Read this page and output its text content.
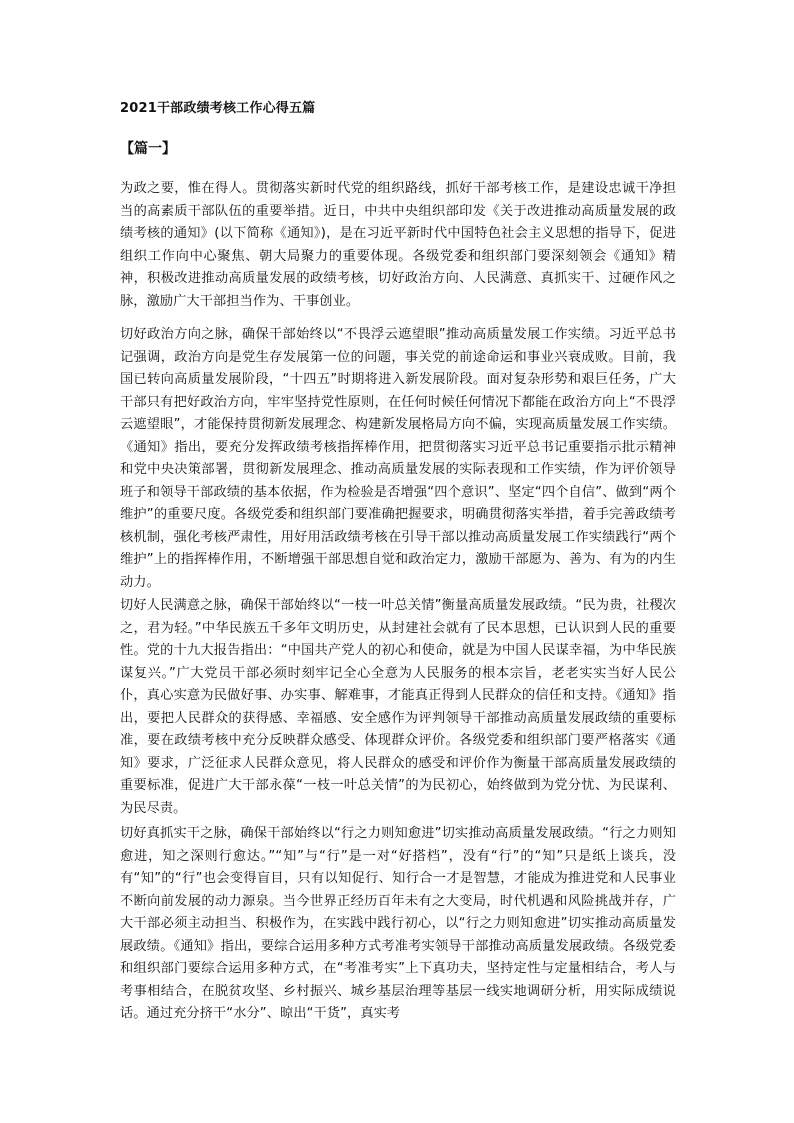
2021干部政绩考核工作心得五篇
【篇一】

为政之要，惟在得人。贯彻落实新时代党的组织路线，抓好干部考核工作，是建设忠诚干净担当的高素质干部队伍的重要举措。近日，中共中央组织部印发《关于改进推动高质量发展的政绩考核的通知》(以下简称《通知》)，是在习近平新时代中国特色社会主义思想的指导下，促进组织工作向中心聚焦、朝大局聚力的重要体现。各级党委和组织部门要深刻领会《通知》精神，积极改进推动高质量发展的政绩考核，切好政治方向、人民满意、真抓实干、过硬作风之脉，激励广大干部担当作为、干事创业。

切好政治方向之脉，确保干部始终以“不畏浮云遮望眼”推动高质量发展工作实绩。习近平总书记强调，政治方向是党生存发展第一位的问题，事关党的前途命运和事业兴衰成败。目前，我国已转向高质量发展阶段，“十四五”时期将进入新发展阶段。面对复杂形势和艰巨任务，广大干部只有把好政治方向，牢牢坚持党性原则，在任何时候任何情况下都能在政治方向上“不畏浮云遮望眼”，才能保持贯彻新发展理念、构建新发展格局方向不偏，实现高质量发展工作实绩。《通知》指出，要充分发挥政绩考核指挥棒作用，把贯彻落实习近平总书记重要指示批示精神和党中央决策部署，贯彻新发展理念、推动高质量发展的实际表现和工作实绩，作为评价领导班子和领导干部政绩的基本依据，作为检验是否增强“四个意识”、坚定“四个自信”、做到“两个维护”的重要尺度。各级党委和组织部门要准确把握要求，明确贯彻落实举措，着手完善政绩考核机制，强化考核严肃性，用好用活政绩考核在引导干部以推动高质量发展工作实绩践行“两个维护”上的指挥棒作用，不断增强干部思想自觉和政治定力，激励干部愿为、善为、有为的内生动力。

切好人民满意之脉，确保干部始终以“一枝一叶总关情”衡量高质量发展政绩。“民为贵，社稷次之，君为轻。”中华民族五千多年文明历史，从封建社会就有了民本思想，已认识到人民的重要性。党的十九大报告指出：“中国共产党人的初心和使命，就是为中国人民谋幸福，为中华民族谋复兴。”广大党员干部必须时刻牢记全心全意为人民服务的根本宗旨，老老实实当好人民公仆，真心实意为民做好事、办实事、解难事，才能真正得到人民群众的信任和支持。《通知》指出，要把人民群众的获得感、幸福感、安全感作为评判领导干部推动高质量发展政绩的重要标准，要在政绩考核中充分反映群众感受、体现群众评价。各级党委和组织部门要严格落实《通知》要求，广泛征求人民群众意见，将人民群众的感受和评价作为衡量干部高质量发展政绩的重要标准，促进广大干部永葆“一枝一叶总关情”的为民初心，始终做到为党分忧、为民谋利、为民尽责。

切好真抓实干之脉，确保干部始终以“行之力则知愈进”切实推动高质量发展政绩。“行之力则知愈进，知之深则行愈达。”“知”与“行”是一对“好搭档”，没有“行”的“知”只是纸上谈兵，没有“知”的“行”也会变得盲目，只有以知促行、知行合一才是智慧，才能成为推进党和人民事业不断向前发展的动力源泉。当今世界正经历百年未有之大变局，时代机遇和风险挑战并存，广大干部必须主动担当、积极作为，在实践中践行初心，以“行之力则知愈进”切实推动高质量发展政绩。《通知》指出，要综合运用多种方式考准考实领导干部推动高质量发展政绩。各级党委和组织部门要综合运用多种方式，在“考准考实”上下真功夫，坚持定性与定量相结合，考人与考事相结合，在脱贫攻坚、乡村振兴、城乡基层治理等基层一线实地调研分析，用实际成绩说话。通过充分挤干“水分”、晾出“干货”，真实考
